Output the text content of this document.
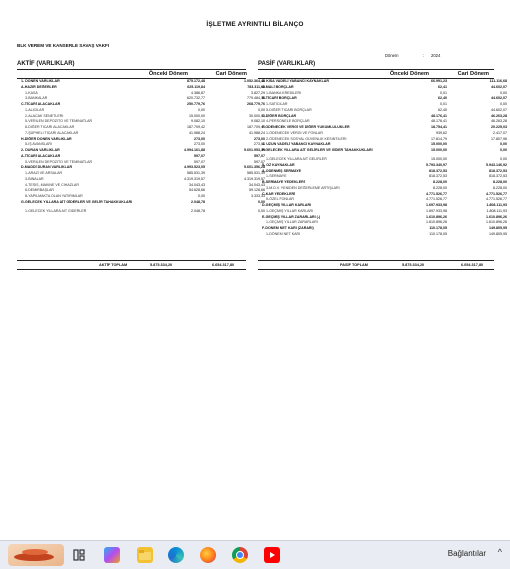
İŞLETME AYRINTILI BİLANÇO
BLK VEREM VE KANSERLE SAVAŞ VAKFI
Dönem	: 2024
AKTİF (VARLIKLAR)	PASİF (VARLIKLAR)
Önceki Dönem	Cari Dönem	Önceki Dönem	Cari Dönem
1- DÖNEN VARLIKLAR	875.172,48	1.052.364,45
A-HAZIR DEĞERLER	625.119,84	783.311,69
1-KASA	4.386,87	3.827,29
3-BANKALAR	620.732,77	779.484,30
C-TİCARİ ALACAKLAR	250.779,76	268.779,76
1-ALICILAR	0,00	0,00
2-ALACAK SENETLERİ	15.000,00	30.000,00
5-VERİLEN DEPOZİTO VE TEMİNATLAR	9.082,10	9.082,10
6-DİĞER TİCARİ ALACAKLAR	187.709,42	187.709,42
7-ŞÜPHELİ TİCARİ ALACAKLAR	41.988,24	41.988,24
H-DİĞER DÖNEN VARLIKLAR	273,00	273,00
5-İŞ AVANSLARI	273,00	273,00
2- DURAN VARLIKLAR	4.994.161,88	5.601.953,35
A-TİCARİ ALACAKLAR	597,07	597,07
5-VERİLEN DEPOZİTO VE TEMİNATLAR	597,07	597,07
D-MADDİ DURAN VARLIKLAR	4.993.523,05	5.601.356,28
1-ARAZİ VE ARSALAR	585.531,39	585.531,39
3-BİNALAR	4.319.319,57	4.319.319,57
4-TESİS, MAKİNE VE CİHAZLAR	34.043,43	34.043,43
6-DEMİRBAŞLAR	54.628,66	59.128,66
8-YAPILMAKTA OLAN YATIRIMLAR	0,00	3.333,33
G-GELECEK YILLARA AİT GİDERLER VE GELİR TAHAKKUKLARI	2.048,78	0,00
1-GELECEK YILLARA AİT GİDERLER	2.048,78	0,00
3- KISA VADELİ YABANCI KAYNAKLAR	66.991,23	111.116,68
A-MALİ BORÇLAR	62,41	44.602,07
1-BANKA KREDİLERİ	0,01	0,00
B-TİCARİ BORÇLAR	62,40	44.602,07
1-SATICILAR	0,01	0,00
5-DİĞER TİCARİ BORÇLAR	62,40	44.602,07
C-DİĞER BORÇLAR	48.176,41	46.263,28
4-PERSONELE BORÇLAR	48.176,41	46.263,28
F-ÖDENECEK VERGİ VE DİĞER YÜKÜMLÜLÜKLER	18.754,41	20.225,03
1-ÖDENECEK VERGİ VE FONLAR	939,62	2.417,07
2-ÖDENECEK SOSYAL GÜVENLİK KESİNTİLERİ	17.814,79	17.807,96
4- UZUN VADELİ YABANCI KAYNAKLAR	15.000,00	0,00
F-GELECEK YILLARA AİT GELİRLER VE GİDER TAHAKKUKLARI	15.000,00	0,00
1-GELECEK YILLARA AİT GELİRLER	15.000,00	0,00
5- ÖZ KAYNAKLAR	5.793.340,97	5.943.146,92
A-ÖDENMİŞ SERMAYE	818.372,53	818.372,53
1-SERMAYE	818.372,53	818.372,53
B-SERMAYE YEDEKLERİ	8.228,00	8.228,00
3-M.D.V. YENİDEN DEĞERLEME ARTIŞLARI	8.228,00	8.228,00
C-KAR YEDEKLERİ	4.771.526,77	4.771.526,77
5-ÖZEL FONLAR	4.771.526,77	4.771.526,77
D-GEÇMİŞ YILLAR KARLARI	1.697.933,98	1.808.111,93
1-GEÇMİŞ YILLAR KARLARI	1.697.933,98	1.808.111,93
E-GEÇMİŞ YILLAR ZARARLARI (-)	1.610.896,26	1.610.896,26
1-GEÇMİŞ YILLAR ZARARLARI	1.610.896,26	1.610.896,26
F-DÖNEM NET KARI (ZARARI)	110.178,05	149.805,95
1-DÖNEM NET KARI	110.178,05	149.805,95
AKTİF TOPLAM	5.875.334,20	6.654.317,80	PASİF TOPLAM	5.875.334,20	6.054.317,80
Bağlantılar ^
